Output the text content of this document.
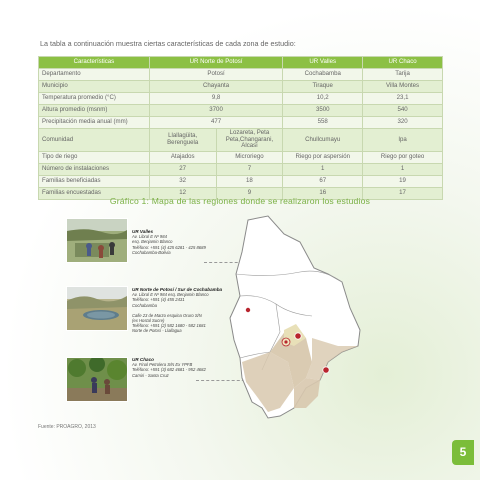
La tabla a continuación muestra ciertas características de cada zona de estudio:

Características	UR Norte de Potosí		UR Valles	UR Chaco
Departamento	Potosí		Cochabamba	Tarija
Municipio	Chayanta		Tiraque	Villa Montes
Temperatura promedio (°C)	9,8		10,2	23,1
Altura promedio (msnm)	3700		3500	540
Precipitación media anual (mm)	477		558	320
Comunidad	Llallagüita, Berenguela	Lozareta, Peta Peta,Changarani, Alcasi	Chullcumayu	Ipa
Tipo de riego	Atajados	Microriego	Riego por aspersión	Riego por goteo
Número de instalaciones	27	7	1	1
Familias beneficiadas	32	18	67	19
Familias encuestadas	12	9	16	17

Gráfico 1: Mapa de las regiones donde se realizaron los estudios

UR Valles
Av. Libral E Nº 984
esq. Benjamin Blanco
Teléfono: +591 (4) 425 6281 - 425 8689
Cochabamba-Bolivia
UR Norte de Potosí / Sur de Cochabamba
Av. Libral E Nº 984 esq. Benjamin Blanco
Teléfono: +591 (4) 455 2431
Cochabamba
Calle 23 de Marzo esquina Oruro S/N
(ex Hostal Sucre)
Teléfono: +591 (2) 582 1680 - 582 1681
Norte de Potosí - Llallagua
UR Chaco
Av. Final Petrolera S/N Ex YPFB
Teléfono: +591 (3) 682 4681 - 952 4682
Camiri - Santa Cruz
Fuente: PROAGRO, 2013
5
